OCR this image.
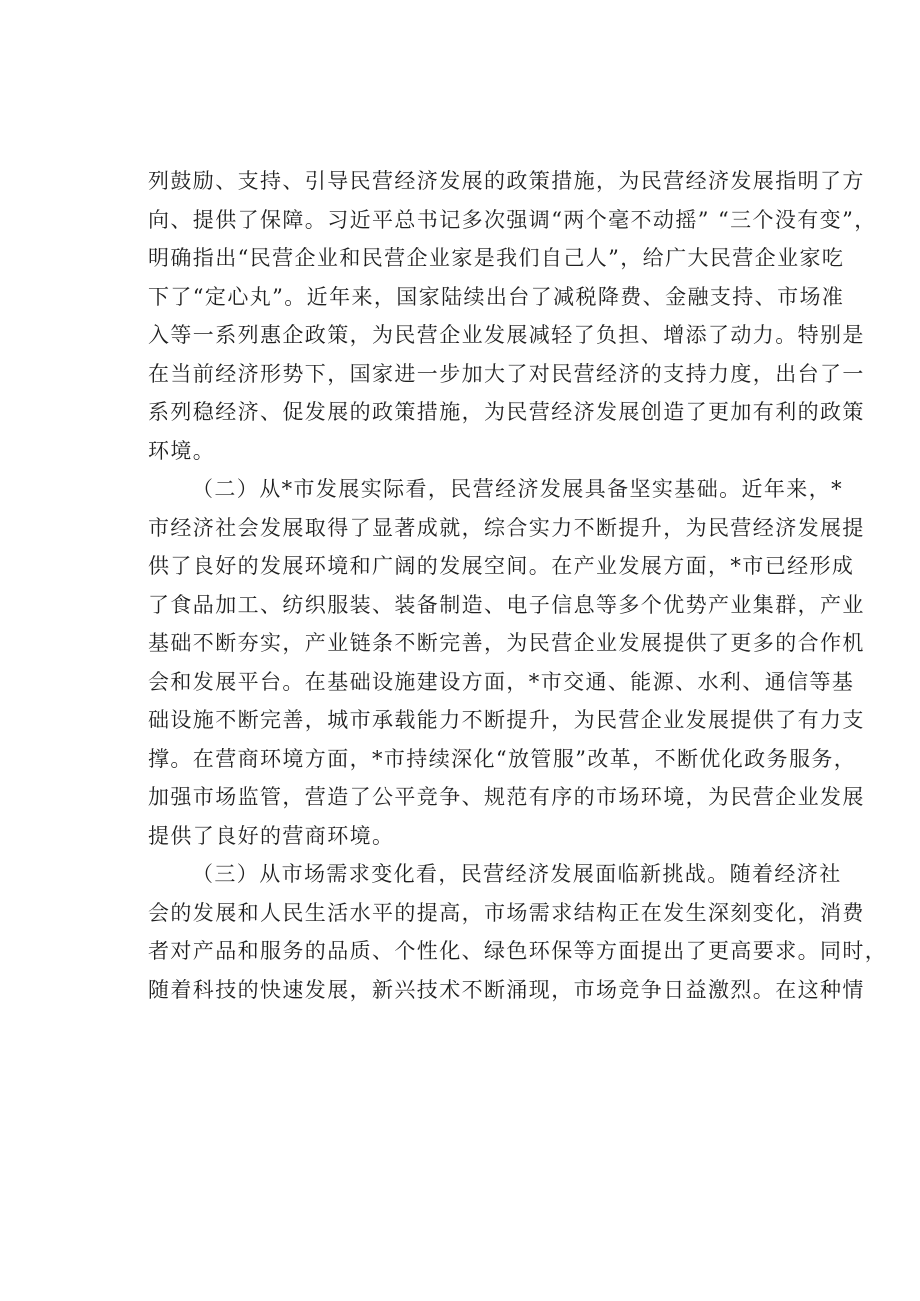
列鼓励、支持、引导民营经济发展的政策措施，为民营经济发展指明了方
向、提供了保障。习近平总书记多次强调“两个毫不动摇” “三个没有变”，
明确指出“民营企业和民营企业家是我们自己人”，给广大民营企业家吃
下了“定心丸”。近年来，国家陆续出台了减税降费、金融支持、市场准
入等一系列惠企政策，为民营企业发展减轻了负担、增添了动力。特别是
在当前经济形势下，国家进一步加大了对民营经济的支持力度，出台了一
系列稳经济、促发展的政策措施，为民营经济发展创造了更加有利的政策
环境。
（二）从*市发展实际看，民营经济发展具备坚实基础。近年来，*
市经济社会发展取得了显著成就，综合实力不断提升，为民营经济发展提
供了良好的发展环境和广阔的发展空间。在产业发展方面，*市已经形成
了食品加工、纺织服装、装备制造、电子信息等多个优势产业集群，产业
基础不断夯实，产业链条不断完善，为民营企业发展提供了更多的合作机
会和发展平台。在基础设施建设方面，*市交通、能源、水利、通信等基
础设施不断完善，城市承载能力不断提升，为民营企业发展提供了有力支
撑。在营商环境方面，*市持续深化“放管服”改革，不断优化政务服务，
加强市场监管，营造了公平竞争、规范有序的市场环境，为民营企业发展
提供了良好的营商环境。
（三）从市场需求变化看，民营经济发展面临新挑战。随着经济社
会的发展和人民生活水平的提高，市场需求结构正在发生深刻变化，消费
者对产品和服务的品质、个性化、绿色环保等方面提出了更高要求。同时，
随着科技的快速发展，新兴技术不断涌现，市场竞争日益激烈。在这种情
